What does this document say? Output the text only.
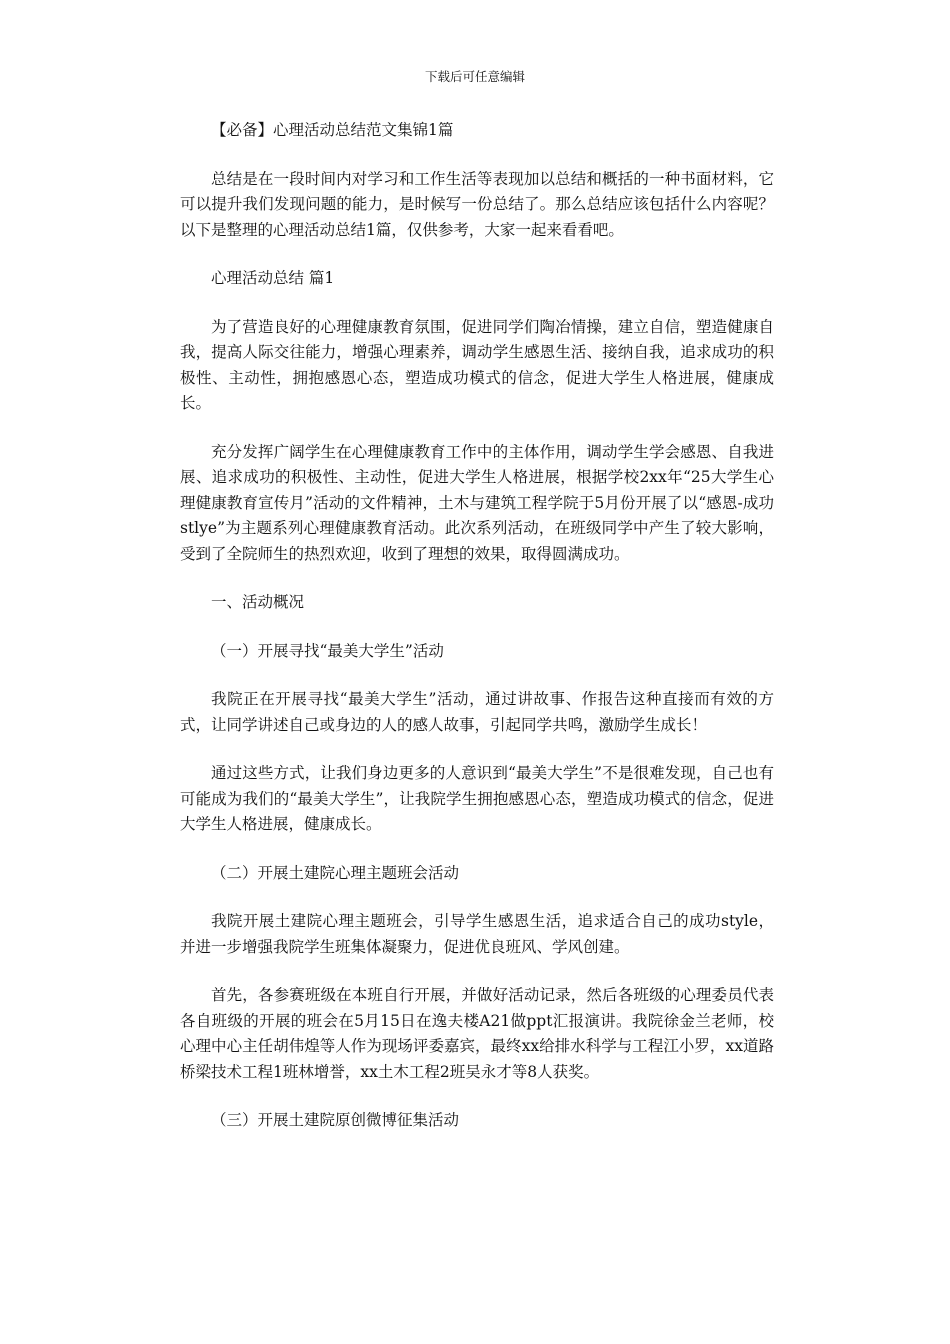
下载后可任意编辑

【必备】心理活动总结范文集锦1篇

总结是在一段时间内对学习和工作生活等表现加以总结和概括的一种书面材料，它可以提升我们发现问题的能力，是时候写一份总结了。那么总结应该包括什么内容呢？以下是整理的心理活动总结1篇，仅供参考，大家一起来看看吧。

心理活动总结 篇1

为了营造良好的心理健康教育氛围，促进同学们陶冶情操，建立自信，塑造健康自我，提高人际交往能力，增强心理素养，调动学生感恩生活、接纳自我，追求成功的积极性、主动性，拥抱感恩心态，塑造成功模式的信念，促进大学生人格进展，健康成长。

充分发挥广阔学生在心理健康教育工作中的主体作用，调动学生学会感恩、自我进展、追求成功的积极性、主动性，促进大学生人格进展，根据学校2xx年“25大学生心理健康教育宣传月”活动的文件精神，土木与建筑工程学院于5月份开展了以“感恩-成功stlye”为主题系列心理健康教育活动。此次系列活动，在班级同学中产生了较大影响，受到了全院师生的热烈欢迎，收到了理想的效果，取得圆满成功。

一、活动概况

（一）开展寻找“最美大学生”活动

我院正在开展寻找“最美大学生”活动，通过讲故事、作报告这种直接而有效的方式，让同学讲述自己或身边的人的感人故事，引起同学共鸣，激励学生成长！

通过这些方式，让我们身边更多的人意识到“最美大学生”不是很难发现，自己也有可能成为我们的“最美大学生”，让我院学生拥抱感恩心态，塑造成功模式的信念，促进大学生人格进展，健康成长。

（二）开展土建院心理主题班会活动

我院开展土建院心理主题班会，引导学生感恩生活，追求适合自己的成功style，并进一步增强我院学生班集体凝聚力，促进优良班风、学风创建。

首先，各参赛班级在本班自行开展，并做好活动记录，然后各班级的心理委员代表各自班级的开展的班会在5月15日在逸夫楼A21做ppt汇报演讲。我院徐金兰老师，校心理中心主任胡伟煌等人作为现场评委嘉宾，最终xx给排水科学与工程江小罗，xx道路桥梁技术工程1班林增誉，xx土木工程2班吴永才等8人获奖。

（三）开展土建院原创微博征集活动
